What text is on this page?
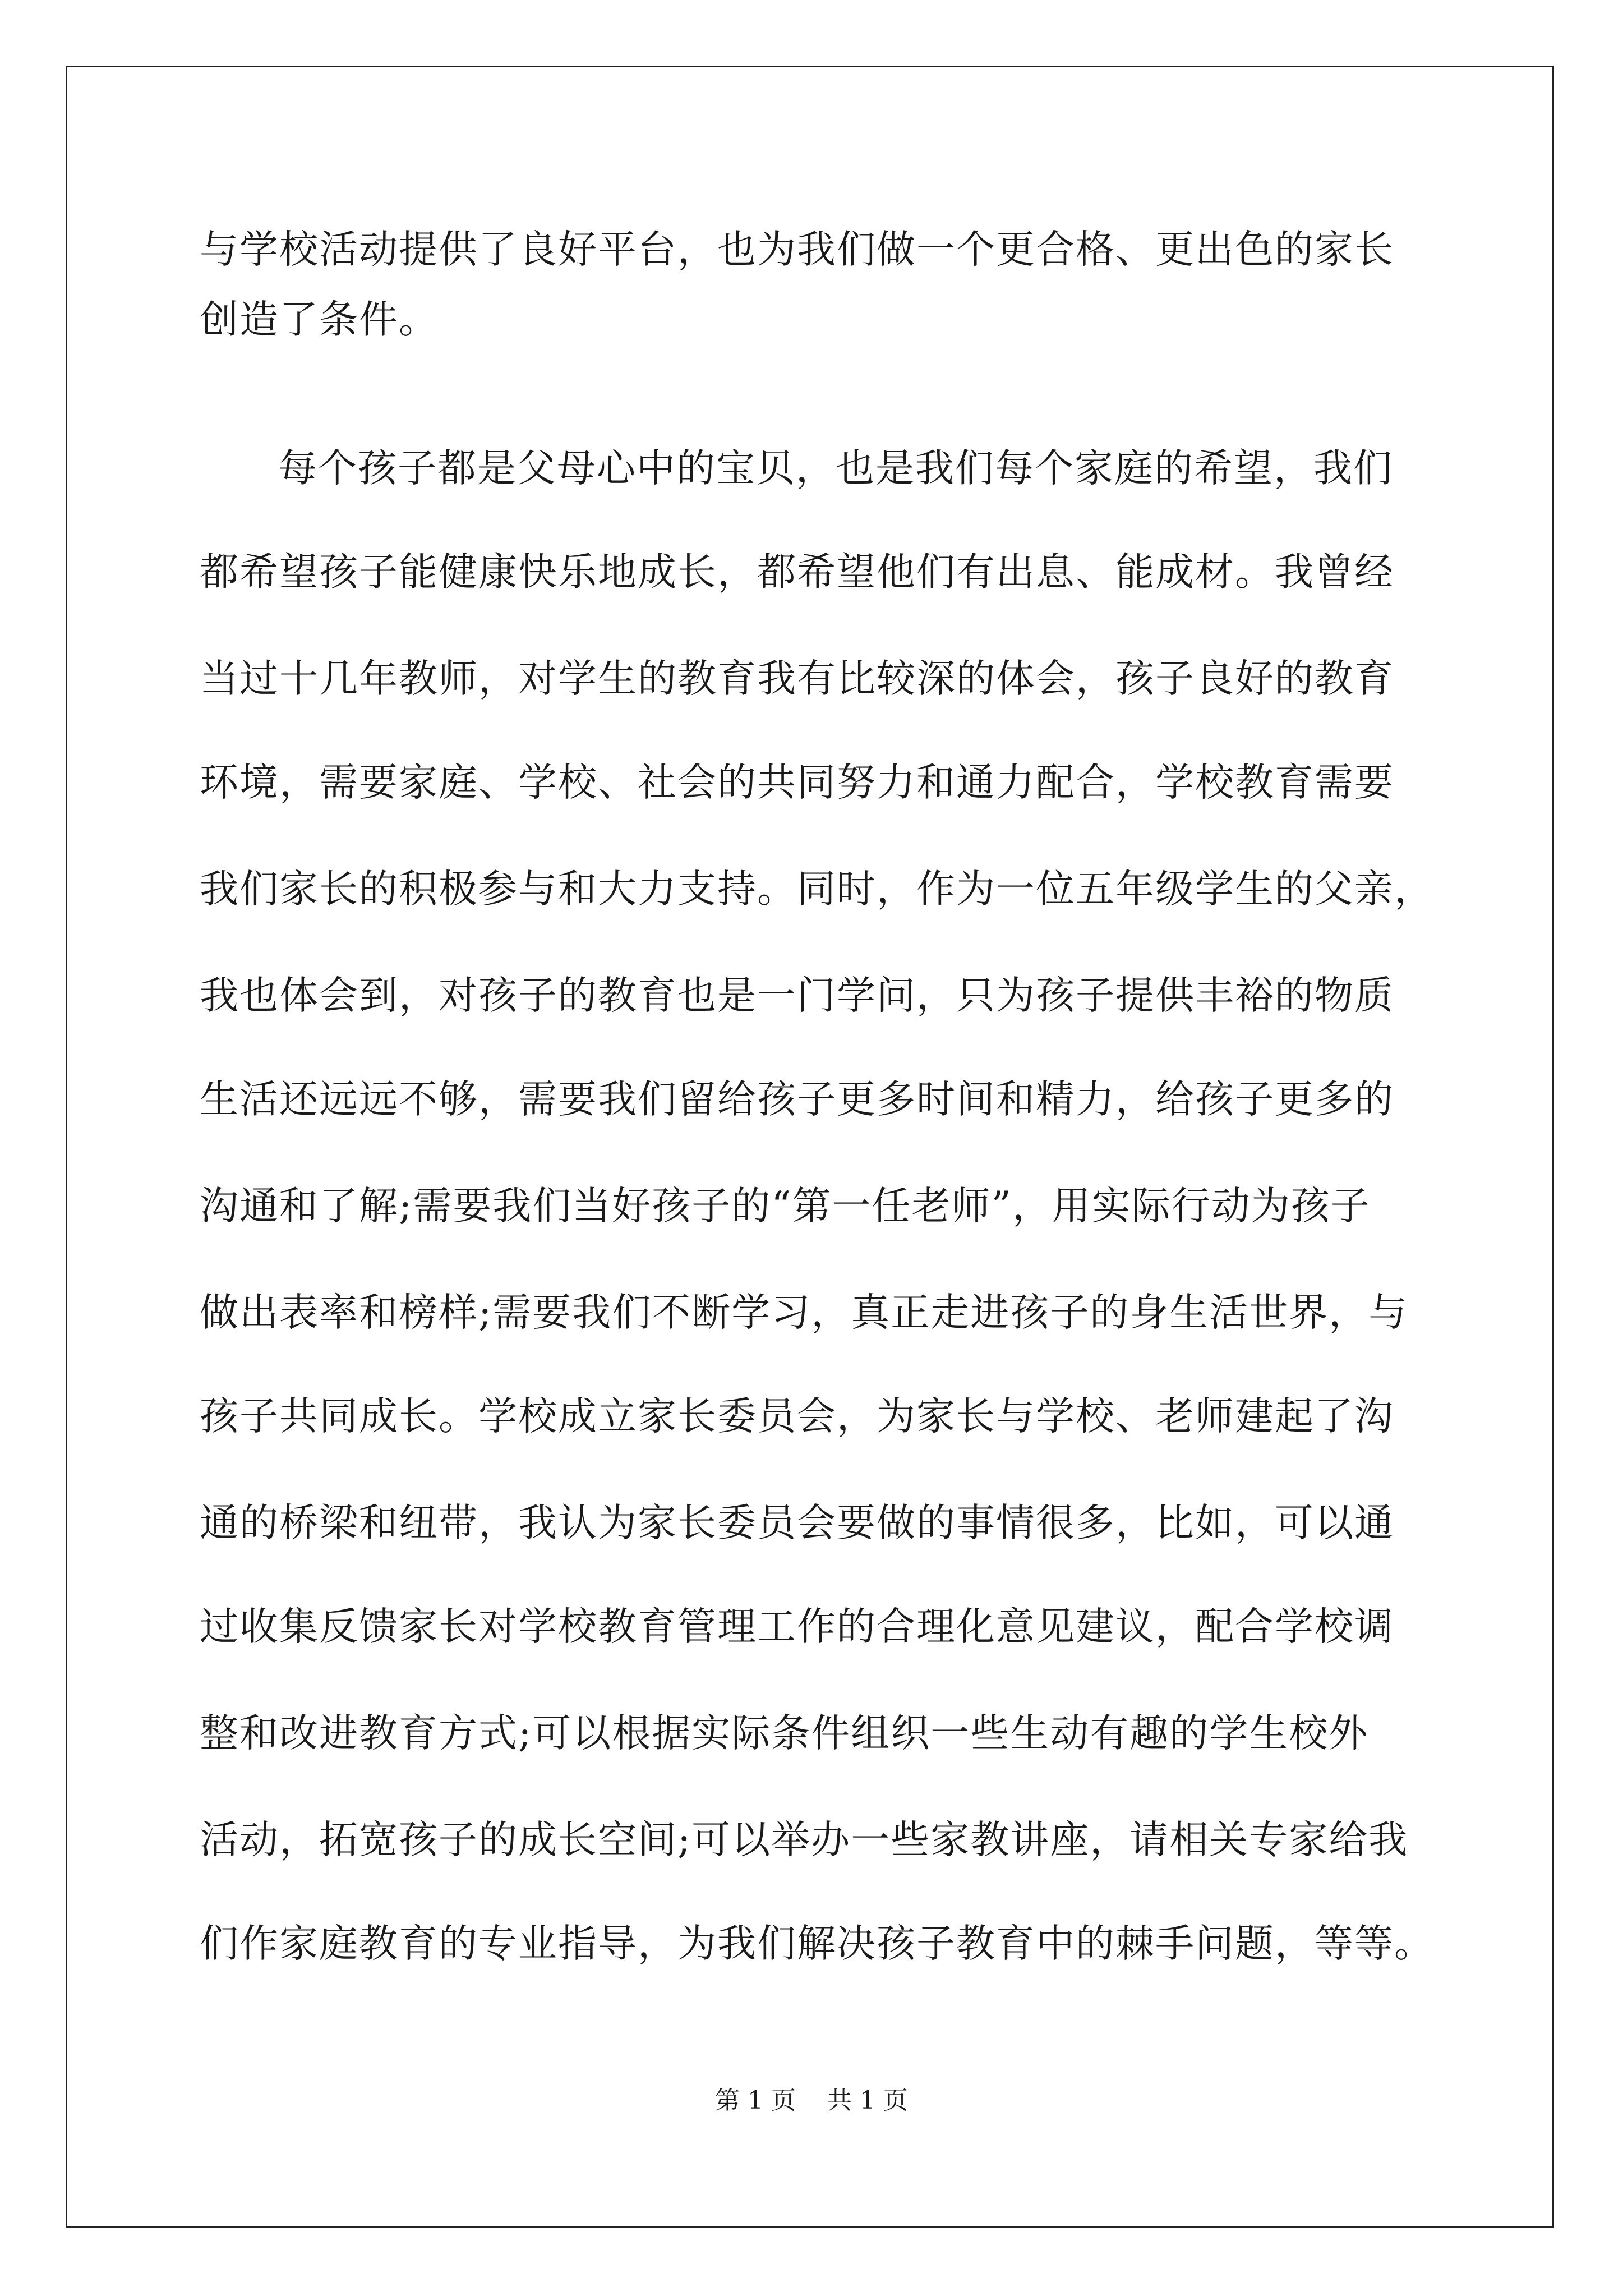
与学校活动提供了良好平台，也为我们做一个更合格、更出色的家长
创造了条件。
每个孩子都是父母心中的宝贝，也是我们每个家庭的希望，我们
都希望孩子能健康快乐地成长，都希望他们有出息、能成材。我曾经
当过十几年教师，对学生的教育我有比较深的体会，孩子良好的教育
环境，需要家庭、学校、社会的共同努力和通力配合，学校教育需要
我们家长的积极参与和大力支持。同时，作为一位五年级学生的父亲，
我也体会到，对孩子的教育也是一门学问，只为孩子提供丰裕的物质
生活还远远不够，需要我们留给孩子更多时间和精力，给孩子更多的
沟通和了解;需要我们当好孩子的“第一任老师”，用实际行动为孩子
做出表率和榜样;需要我们不断学习，真正走进孩子的身生活世界，与
孩子共同成长。学校成立家长委员会，为家长与学校、老师建起了沟
通的桥梁和纽带，我认为家长委员会要做的事情很多，比如，可以通
过收集反馈家长对学校教育管理工作的合理化意见建议，配合学校调
整和改进教育方式;可以根据实际条件组织一些生动有趣的学生校外
活动，拓宽孩子的成长空间;可以举办一些家教讲座，请相关专家给我
们作家庭教育的专业指导，为我们解决孩子教育中的棘手问题，等等。
第 1 页    共 1 页
